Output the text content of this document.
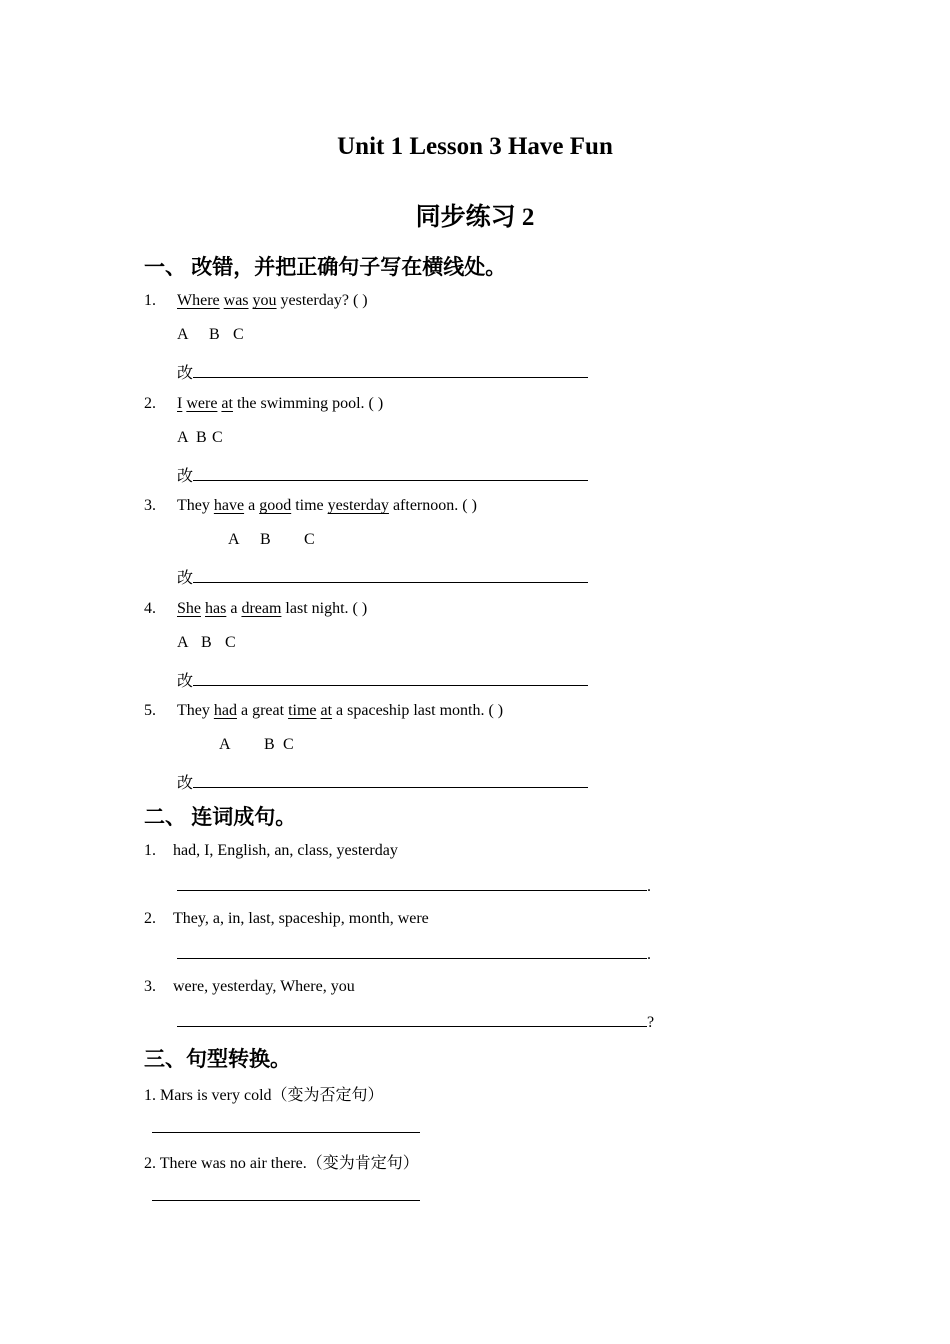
Unit 1 Lesson 3 Have Fun
同步练习 2
一、 改错，并把正确句子写在横线处。
1. Where was you yesterday? ( )
A B C
改
2. I were at the swimming pool. ( )
A B C
改
3. They have a good time yesterday afternoon. ( )
A B C
改
4. She has a dream last night. ( )
A B C
改
5. They had a great time at a spaceship last month. ( )
A B C
改
二、 连词成句。
1. had, I, English, an, class, yesterday
.
2. They, a, in, last, spaceship, month, were
.
3. were, yesterday, Where, you
?
三、句型转换。
1. Mars is very cold（变为否定句）
2. There was no air there.（变为肯定句）
